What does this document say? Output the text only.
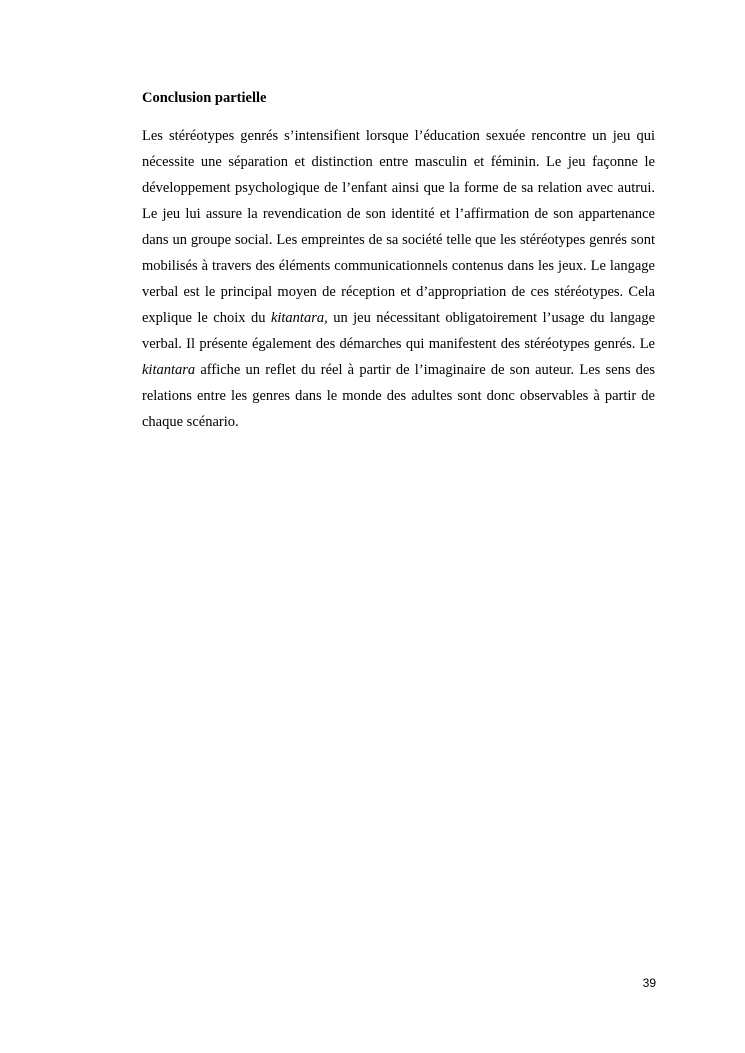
Conclusion partielle

Les stéréotypes genrés s’intensifient lorsque l’éducation sexuée rencontre un jeu qui nécessite une séparation et distinction entre masculin et féminin. Le jeu façonne le développement psychologique de l’enfant ainsi que la forme de sa relation avec autrui. Le jeu lui assure la revendication de son identité et l’affirmation de son appartenance dans un groupe social. Les empreintes de sa société telle que les stéréotypes genrés sont mobilisés à travers des éléments communicationnels contenus dans les jeux. Le langage verbal est le principal moyen de réception et d’appropriation de ces stéréotypes. Cela explique le choix du kitantara, un jeu nécessitant obligatoirement l’usage du langage verbal. Il présente également des démarches qui manifestent des stéréotypes genrés. Le kitantara affiche un reflet du réel à partir de l’imaginaire de son auteur. Les sens des relations entre les genres dans le monde des adultes sont donc observables à partir de chaque scénario.

39
